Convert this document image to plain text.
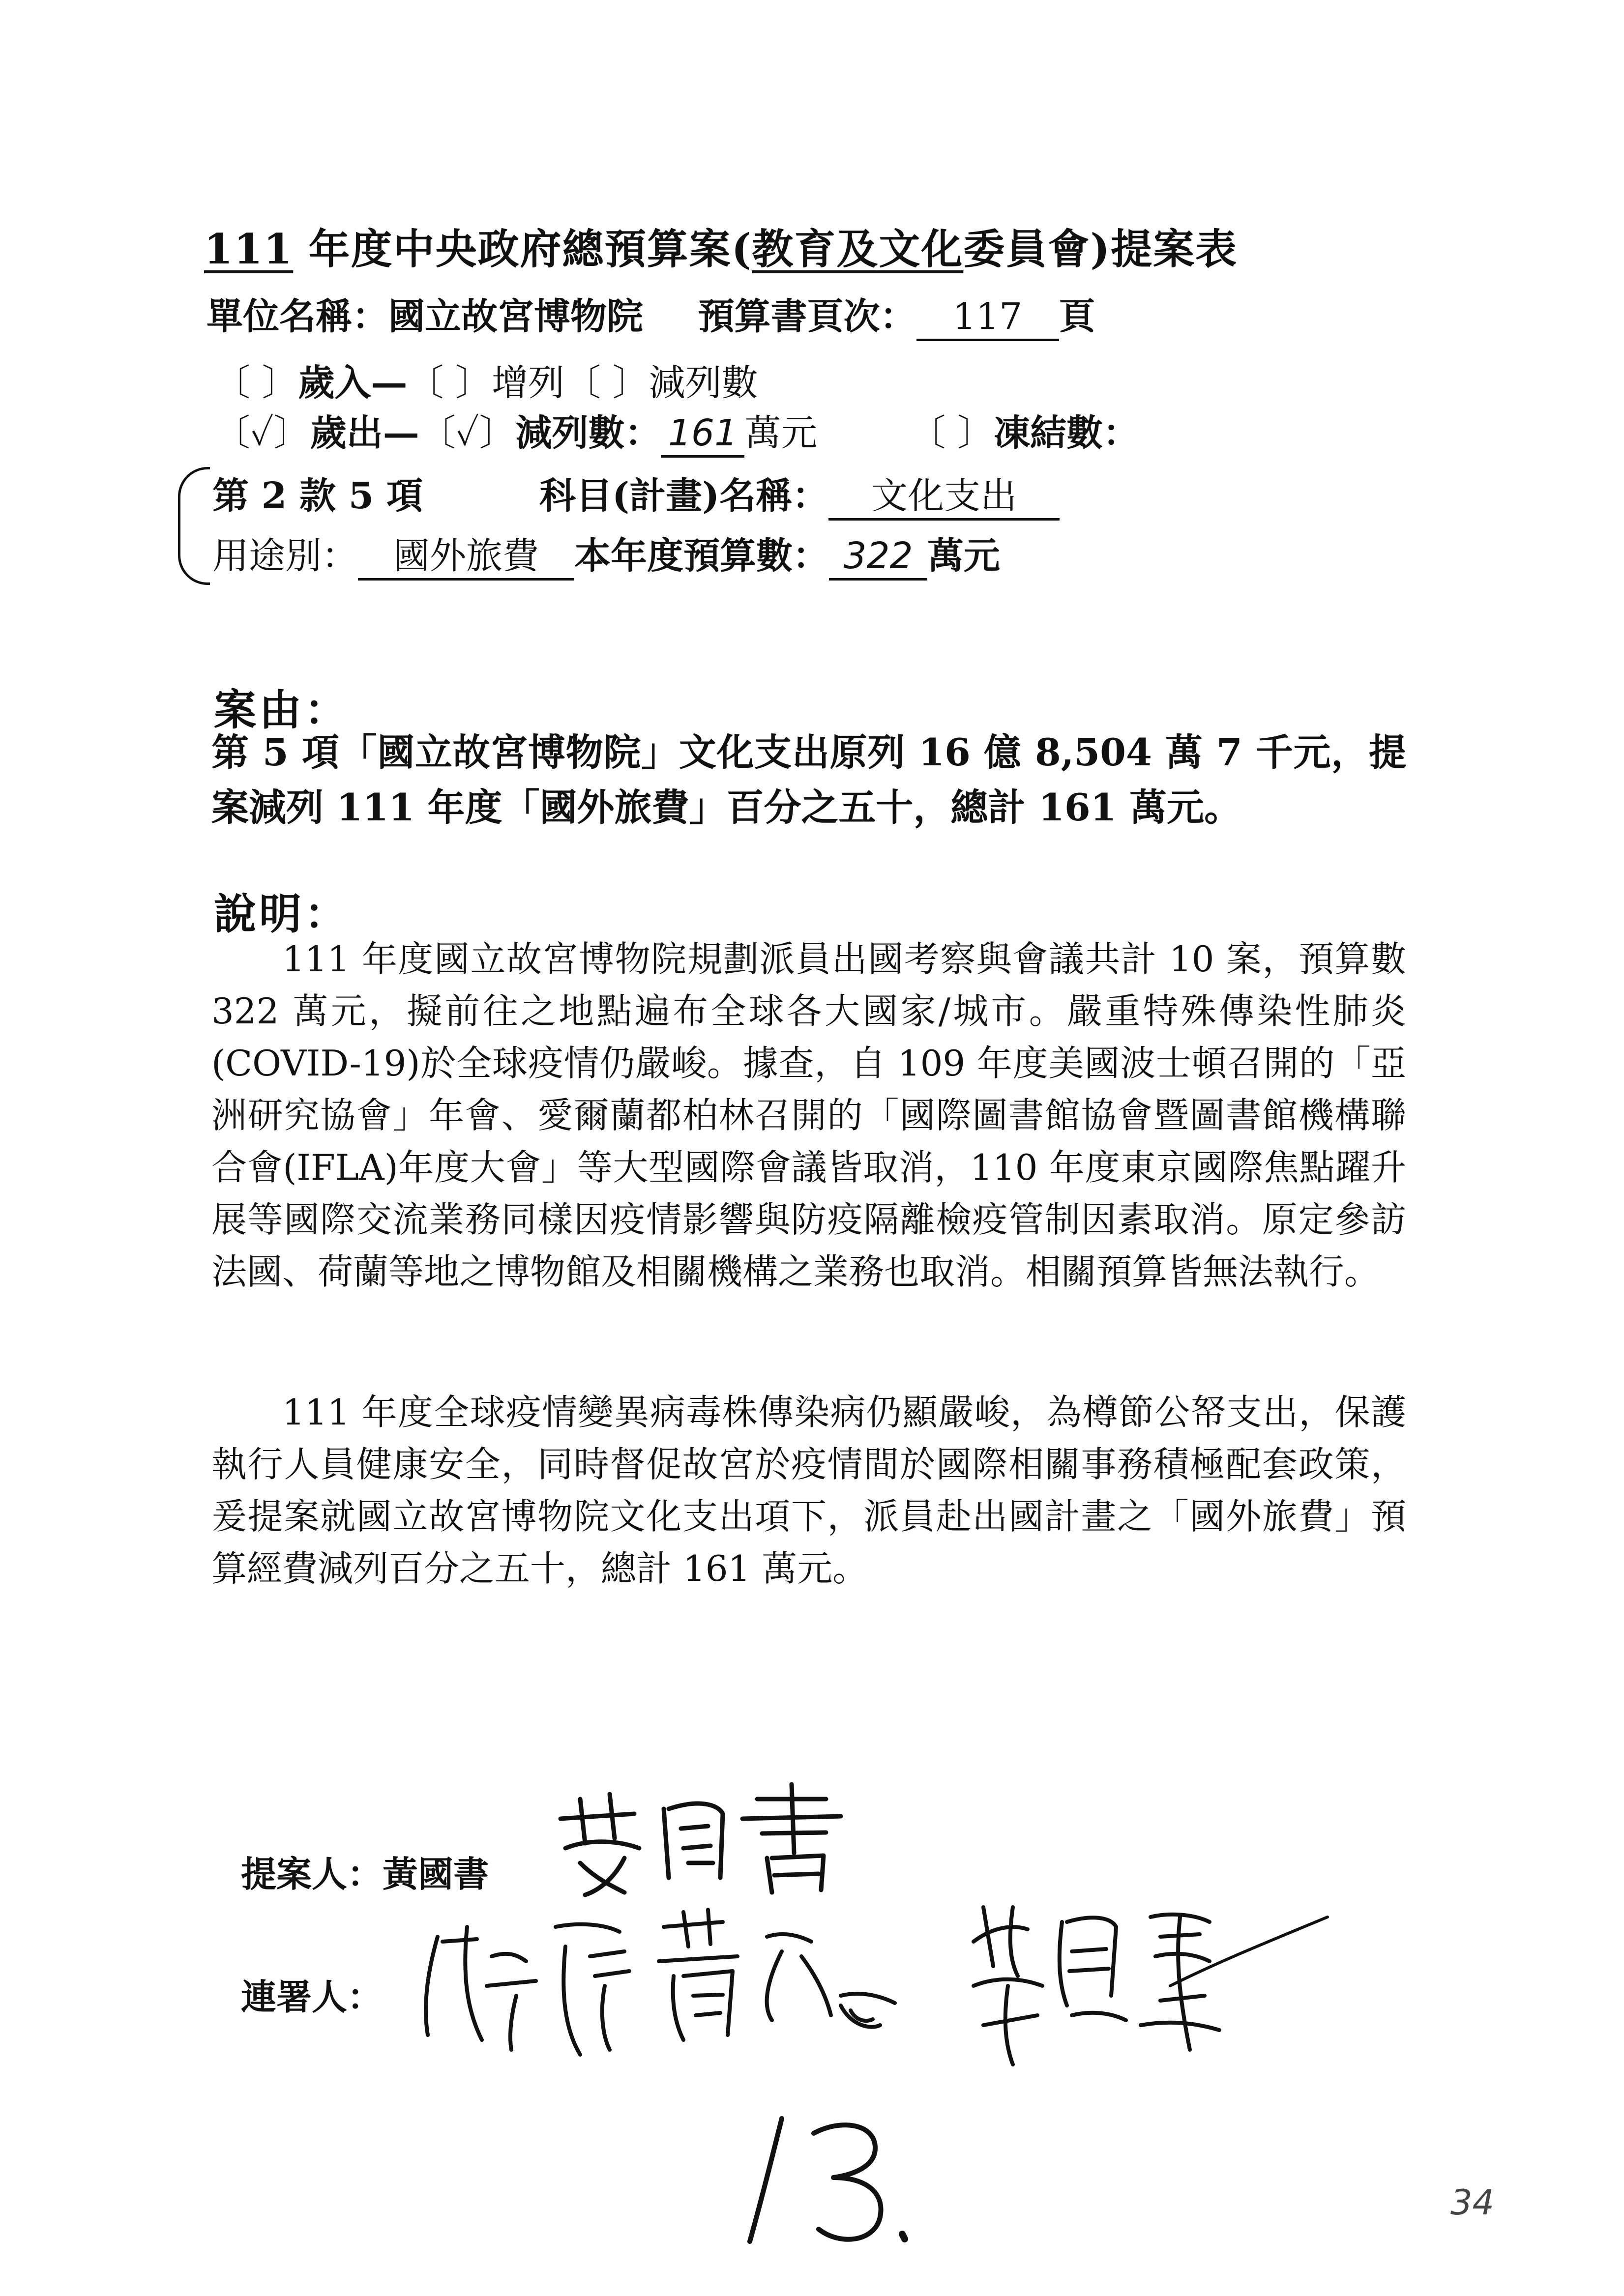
111 年度中央政府總預算案(教育及文化委員會)提案表
單位名稱：國立故宮博物院 預算書頁次： 117 頁
〔 〕歲入—〔 〕增列〔 〕減列數
〔✓〕歲出—〔✓〕減列數： 161 萬元	〔 〕凍結數：
第 2 款 5 項	科目(計畫)名稱： 文化支出
用途別： 國外旅費 本年度預算數： 322 萬元
案由：
第 5 項「國立故宮博物院」文化支出原列 16 億 8,504 萬 7 千元，提案減列 111 年度「國外旅費」百分之五十，總計 161 萬元。
說明：
111 年度國立故宮博物院規劃派員出國考察與會議共計 10 案，預算數 322 萬元，擬前往之地點遍布全球各大國家/城市。嚴重特殊傳染性肺炎 (COVID-19)於全球疫情仍嚴峻。據查，自 109 年度美國波士頓召開的「亞洲研究協會」年會、愛爾蘭都柏林召開的「國際圖書館協會暨圖書館機構聯合會(IFLA)年度大會」等大型國際會議皆取消，110 年度東京國際焦點躍升展等國際交流業務同樣因疫情影響與防疫隔離檢疫管制因素取消。原定參訪法國、荷蘭等地之博物館及相關機構之業務也取消。相關預算皆無法執行。
111 年度全球疫情變異病毒株傳染病仍顯嚴峻，為樽節公帑支出，保護執行人員健康安全，同時督促故宮於疫情間於國際相關事務積極配套政策，爰提案就國立故宮博物院文化支出項下，派員赴出國計畫之「國外旅費」預算經費減列百分之五十，總計 161 萬元。
提案人：黃國書
連署人：
34
